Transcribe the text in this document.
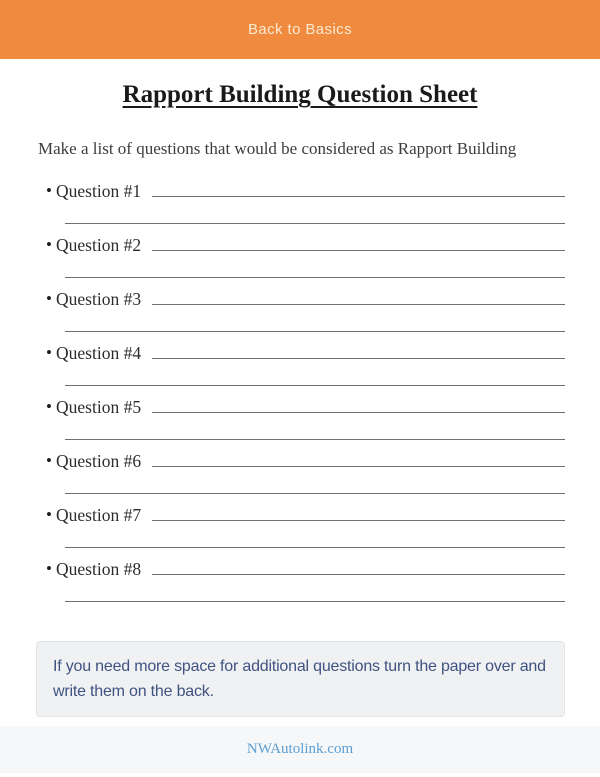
Back to Basics
Rapport Building Question Sheet

Make a list of questions that would be considered as Rapport Building

• Question #1
• Question #2
• Question #3
• Question #4
• Question #5
• Question #6
• Question #7
• Question #8
If you need more space for additional questions turn the paper over and
write them on the back.
NWAutolink.com
